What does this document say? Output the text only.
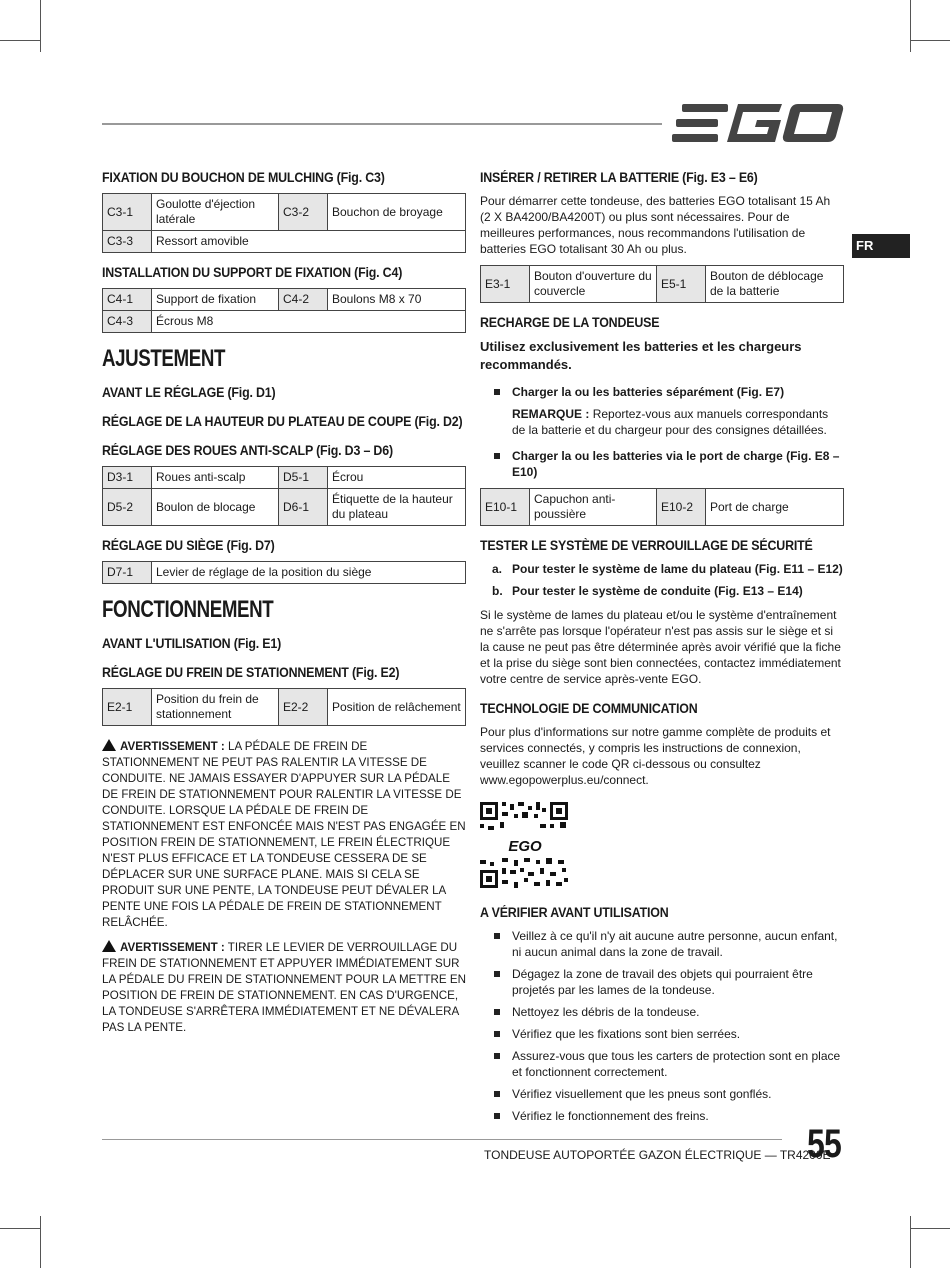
FR
FIXATION DU BOUCHON DE MULCHING (Fig. C3)
C3-1	Goulotte d'éjection latérale	C3-2	Bouchon de broyage
C3-3	Ressort amovible		
INSTALLATION DU SUPPORT DE FIXATION (Fig. C4)
C4-1	Support de fixation	C4-2	Boulons M8 x 70
C4-3	Écrous M8		
AJUSTEMENT
AVANT LE RÉGLAGE (Fig. D1)
RÉGLAGE DE LA HAUTEUR DU PLATEAU DE COUPE (Fig. D2)
RÉGLAGE DES ROUES ANTI-SCALP (Fig. D3 – D6)
D3-1	Roues anti-scalp	D5-1	Écrou
D5-2	Boulon de blocage	D6-1	Étiquette de la hauteur du plateau
RÉGLAGE DU SIÈGE (Fig. D7)
D7-1	Levier de réglage de la position du siège
FONCTIONNEMENT
AVANT L'UTILISATION (Fig. E1)
RÉGLAGE DU FREIN DE STATIONNEMENT (Fig. E2)
E2-1	Position du frein de stationnement	E2-2	Position de relâchement

AVERTISSEMENT : LA PÉDALE DE FREIN DE STATIONNEMENT NE PEUT PAS RALENTIR LA VITESSE DE CONDUITE. NE JAMAIS ESSAYER D'APPUYER SUR LA PÉDALE DE FREIN DE STATIONNEMENT POUR RALENTIR LA VITESSE DE CONDUITE. LORSQUE LA PÉDALE DE FREIN DE STATIONNEMENT EST ENFONCÉE MAIS N'EST PAS ENGAGÉE EN POSITION FREIN DE STATIONNEMENT, LE FREIN ÉLECTRIQUE N'EST PLUS EFFICACE ET LA TONDEUSE CESSERA DE SE DÉPLACER SUR UNE SURFACE PLANE. MAIS SI CELA SE PRODUIT SUR UNE PENTE, LA TONDEUSE PEUT DÉVALER LA PENTE UNE FOIS LA PÉDALE DE FREIN DE STATIONNEMENT RELÂCHÉE.

AVERTISSEMENT : TIRER LE LEVIER DE VERROUILLAGE DU FREIN DE STATIONNEMENT ET APPUYER IMMÉDIATEMENT SUR LA PÉDALE DU FREIN DE STATIONNEMENT POUR LA METTRE EN POSITION DE FREIN DE STATIONNEMENT. EN CAS D'URGENCE, LA TONDEUSE S'ARRÊTERA IMMÉDIATEMENT ET NE DÉVALERA PAS LA PENTE.

INSÉRER / RETIRER LA BATTERIE (Fig. E3 – E6)

Pour démarrer cette tondeuse, des batteries EGO totalisant 15 Ah (2 X BA4200/BA4200T) ou plus sont nécessaires. Pour de meilleures performances, nous recommandons l'utilisation de batteries EGO totalisant 30 Ah ou plus.

E3-1	Bouton d'ouverture du couvercle	E5-1	Bouton de déblocage de la batterie
RECHARGE DE LA TONDEUSE
Utilisez exclusivement les batteries et les chargeurs recommandés.
Charger la ou les batteries séparément (Fig. E7)
REMARQUE : Reportez-vous aux manuels correspondants de la batterie et du chargeur pour des consignes détaillées.
Charger la ou les batteries via le port de charge (Fig. E8 – E10)
E10-1	Capuchon anti-poussière	E10-2	Port de charge
TESTER LE SYSTÈME DE VERROUILLAGE DE SÉCURITÉ
a. Pour tester le système de lame du plateau (Fig. E11 – E12)
b. Pour tester le système de conduite (Fig. E13 – E14)

Si le système de lames du plateau et/ou le système d'entraînement ne s'arrête pas lorsque l'opérateur n'est pas assis sur le siège et si la cause ne peut pas être déterminée après avoir vérifié que la fiche et la prise du siège sont bien connectées, contactez immédiatement votre centre de service après-vente EGO.

TECHNOLOGIE DE COMMUNICATION

Pour plus d'informations sur notre gamme complète de produits et services connectés, y compris les instructions de connexion, veuillez scanner le code QR ci-dessous ou consultez www.egopowerplus.eu/connect.

EGO
A VÉRIFIER AVANT UTILISATION
Veillez à ce qu'il n'y ait aucune autre personne, aucun enfant, ni aucun animal dans la zone de travail.
Dégagez la zone de travail des objets qui pourraient être projetés par les lames de la tondeuse.
Nettoyez les débris de la tondeuse.
Vérifiez que les fixations sont bien serrées.
Assurez-vous que tous les carters de protection sont en place et fonctionnent correctement.
Vérifiez visuellement que les pneus sont gonflés.
Vérifiez le fonctionnement des freins.
TONDEUSE AUTOPORTÉE GAZON ÉLECTRIQUE — TR4200E
55
